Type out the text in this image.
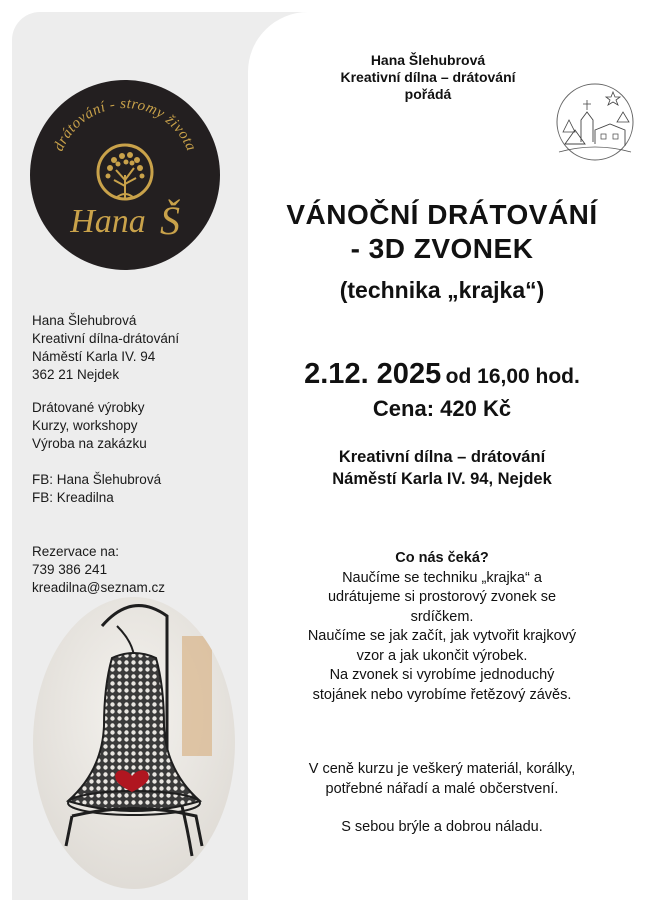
drátování - stromy života
Hana Š
Hana Šlehubrová
Kreativní dílna-drátování
Náměstí Karla IV. 94
362 21 Nejdek
Drátované výrobky
Kurzy, workshopy
Výroba na zakázku
FB: Hana Šlehubrová
FB: Kreadilna
Rezervace na:
739 386 241
kreadilna@seznam.cz
Hana Šlehubrová
Kreativní dílna – drátování
pořádá
VÁNOČNÍ DRÁTOVÁNÍ
- 3D ZVONEK
(technika „krajka“)
2.12. 2025 od 16,00 hod.
Cena: 420 Kč
Kreativní dílna – drátování
Náměstí Karla IV. 94, Nejdek
Co nás čeká?
Naučíme se techniku „krajka“ a
udrátujeme si prostorový zvonek se
srdíčkem.
Naučíme se jak začít, jak vytvořit krajkový
vzor a jak ukončit výrobek.
Na zvonek si vyrobíme jednoduchý
stojánek nebo vyrobíme řetězový závěs.
V ceně kurzu je veškerý materiál, korálky,
potřebné nářadí a malé občerstvení.
S sebou brýle a dobrou náladu.
